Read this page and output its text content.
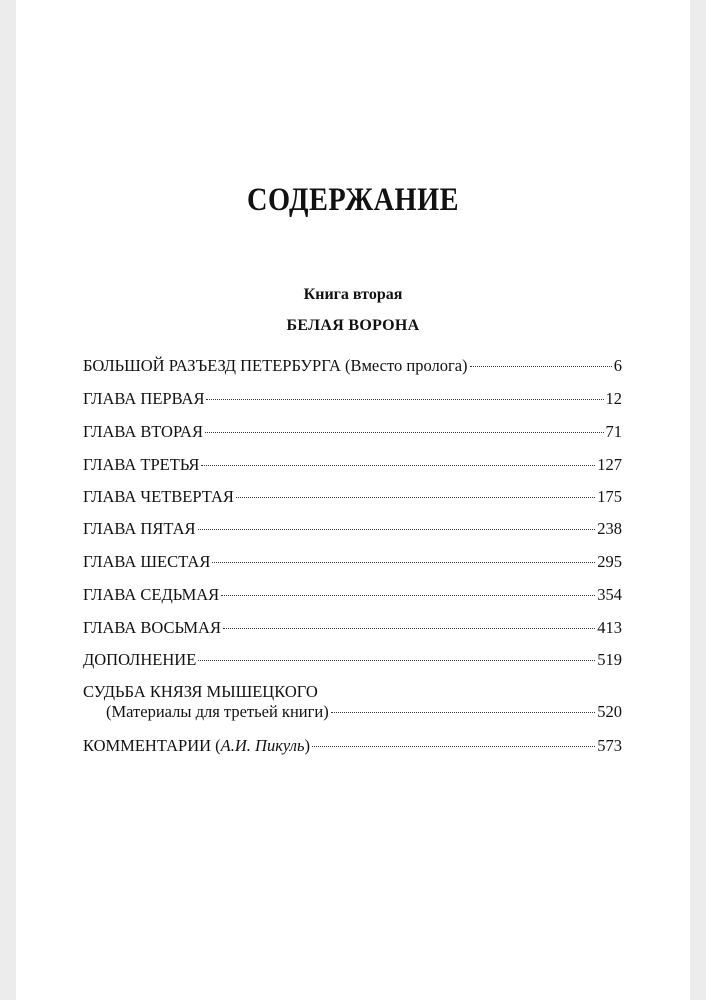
СОДЕРЖАНИЕ
Книга вторая
БЕЛАЯ ВОРОНА
БОЛЬШОЙ РАЗЪЕЗД ПЕТЕРБУРГА (Вместо пролога)	6
ГЛАВА ПЕРВАЯ	12
ГЛАВА ВТОРАЯ	71
ГЛАВА ТРЕТЬЯ	127
ГЛАВА ЧЕТВЕРТАЯ	175
ГЛАВА ПЯТАЯ	238
ГЛАВА ШЕСТАЯ	295
ГЛАВА СЕДЬМАЯ	354
ГЛАВА ВОСЬМАЯ	413
ДОПОЛНЕНИЕ	519
СУДЬБА КНЯЗЯ МЫШЕЦКОГО
(Материалы для третьей книги)	520
КОММЕНТАРИИ (А.И. Пикуль)	573
